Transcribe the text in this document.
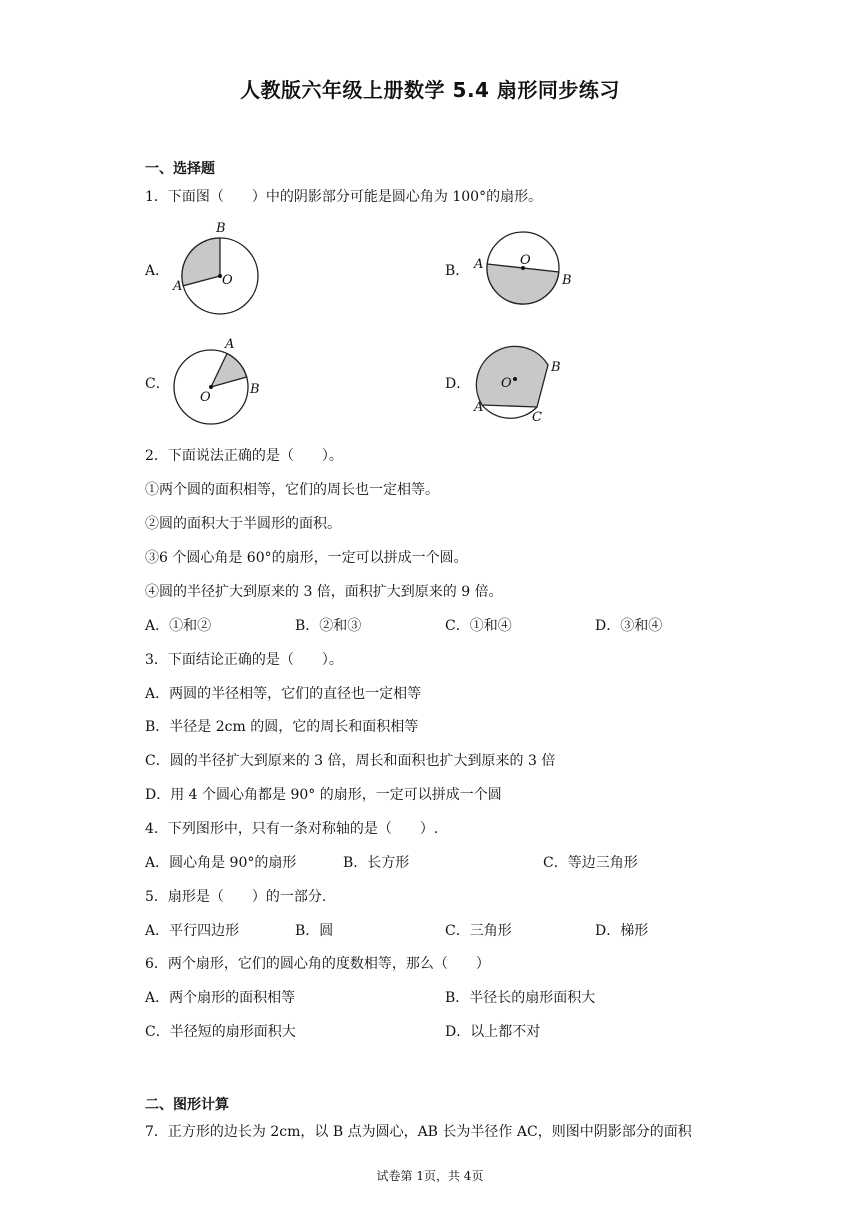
人教版六年级上册数学 5.4 扇形同步练习
一、选择题
1．下面图（　　）中的阴影部分可能是圆心角为 100°的扇形。
A．
B
A	O
B． A	O
B
C．
A
B
O
D．
B
A
C
O
2．下面说法正确的是（　　）。
①两个圆的面积相等，它们的周长也一定相等。
②圆的面积大于半圆形的面积。
③6 个圆心角是 60°的扇形，一定可以拼成一个圆。
④圆的半径扩大到原来的 3 倍，面积扩大到原来的 9 倍。
A．①和②	B．②和③	C．①和④	D．③和④
3．下面结论正确的是（　　）。
A．两圆的半径相等，它们的直径也一定相等
B．半径是 2cm 的圆，它的周长和面积相等
C．圆的半径扩大到原来的 3 倍，周长和面积也扩大到原来的 3 倍
D．用 4 个圆心角都是 90° 的扇形，一定可以拼成一个圆
4．下列图形中，只有一条对称轴的是（　　）.
A．圆心角是 90°的扇形	B．长方形	C．等边三角形
5．扇形是（　　）的一部分.
A．平行四边形	B．圆	C．三角形	D．梯形
6．两个扇形，它们的圆心角的度数相等，那么（　　）
A．两个扇形的面积相等	B．半径长的扇形面积大
C．半径短的扇形面积大	D．以上都不对
二、图形计算
7．正方形的边长为 2cm，以 B 点为圆心，AB 长为半径作 AC，则图中阴影部分的面积
试卷第 1页，共 4页
